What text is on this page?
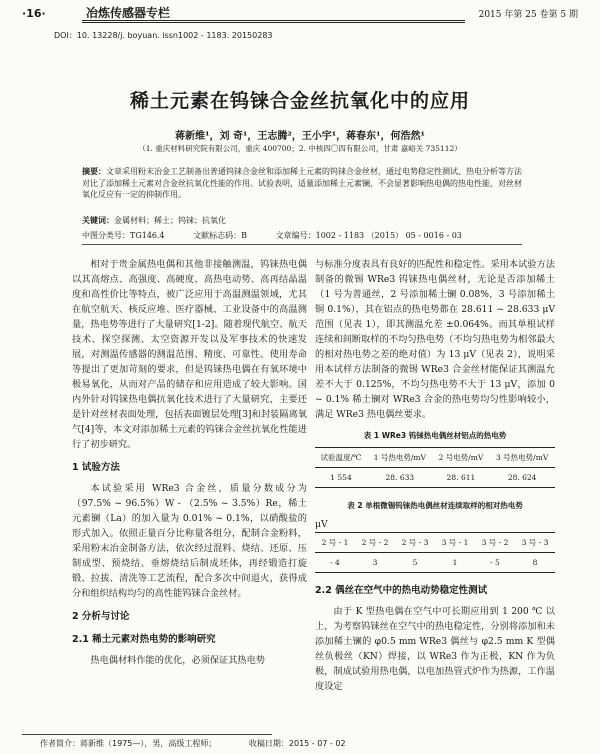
·16·	冶炼传感器专栏	2015 年第 25 卷第 5 期
DOI：10. 13228/j. boyuan. issn1002 - 1183. 20150283
稀土元素在钨铼合金丝抗氧化中的应用
蒋新维¹，刘 奇¹，王志腾²，王小宇¹，蒋春东¹，何浩然¹
（1. 重庆材料研究院有限公司，重庆 400700；2. 中核四〇四有限公司，甘肃 嘉峪关 735112）
摘要：文章采用粉末冶金工艺制备出普通钨铼合金丝和添加稀土元素的钨铼合金丝材，通过电势稳定性测试、热电分析等方法对比了添加稀土元素对合金丝抗氧化性能的作用。试验表明，适量添加稀土元素镧，不会显著影响热电偶的热电性能，对丝材氧化反应有一定的抑制作用。
关键词：金属材料；稀土；钨铼；抗氧化
中图分类号：TG146.4	文献标志码：B	文章编号：1002 - 1183 （2015） 05 - 0016 - 03

相对于贵金属热电偶和其他非接触测温，钨铼热电偶以其高熔点、高强度、高硬度、高热电动势、高再结晶温度和高性价比等特点，被广泛应用于高温测温领域，尤其在航空航天、核反应堆、医疗器械、工业设备中的高温测量，热电势等进行了大量研究[1-2]。随着现代航空、航天技术、探空探测、太空资源开发以及军事技术的快速发展，对测温传感器的测温范围、精度、可靠性、使用寿命等提出了更加苛刻的要求，但是钨铼热电偶在有氧环境中极易氧化，从而对产品的储存和应用造成了较大影响。国内外针对钨铼热电偶抗氧化技术进行了大量研究，主要还是针对丝材表面处理，包括表面镀层处理[3]和封装隔离氧气[4]等，本文对添加稀土元素的钨铼合金丝抗氧化性能进行了初步研究。

1 试验方法

本试验采用 WRe3 合金丝，质量分数成分为（97.5% ~ 96.5%）W - （2.5% ~ 3.5%）Re，稀土元素镧（La）的加入量为 0.01% ~ 0.1%，以硝酸盐的形式加入。依照正量百分比称量各组分，配制合金粉料，采用粉末冶金制备方法，依次经过混料、烧结、还原、压制成型、预烧结、垂熔烧结后制成坯体，再经锻造打旋锻、拉拔、清洗等工艺流程，配合多次中间退火，获得成分和组织结构均匀的高性能钨铼合金丝材。

2 分析与讨论
2.1 稀土元素对热电势的影响研究

热电偶材料作能的优化，必须保证其热电势

与标准分度表具有良好的匹配性和稳定性。采用本试验方法制备的微锡 WRe3 钨铼热电偶丝材，无论是否添加稀土（1 号为普通丝，2 号添加稀土镧 0.08%，3 号添加稀土铜 0.1%），其在铝点的热电势都在 28.611 ~ 28.633 μV 范围（见表 1），即其测温允差 ±0.064%。而其单根试样连续和间断取样的不均匀热电势（不均匀热电势为相邻最大的相对热电势之差的绝对值）为 13 μV（见表 2），说明采用本试样方法制备的微锡 WRe3 合金丝材能保证其测温允差不大于 0.125%，不均匀热电势不大于 13 μV，添加 0 ~ 0.1% 稀土镧对 WRe3 合金的热电势均匀性影响较小，满足 WRe3 热电偶丝要求。

表 1 WRe3 钨铼热电偶丝材铝点的热电势
试验温度/℃	1 号热电势/mV	2 号电势/mV	3 号热电势/mV
1 554	28. 633	28. 611	28. 624
表 2 单根微锡钨铼热电偶丝材连续取样的相对热电势
μV
2 号 - 1	2 号 - 2	2 号 - 3	3 号 - 1	3 号 - 2	3 号 - 3
- 4	3	5	1	- 5	8
2.2 偶丝在空气中的热电动势稳定性测试

由于 K 型热电偶在空气中可长期应用到 1 200 ℃ 以上，为考察钨铼丝在空气中的热电稳定性，分别将添加和未添加稀土镧的 φ0.5 mm WRe3 偶丝与 φ2.5 mm K 型偶丝负极丝（KN）焊接，以 WRe3 作为正极，KN 作为负极，制成试验用热电偶，以电加热管式炉作为热源，工作温度设定

作者简介：蒋新维（1975—），男，高级工程师；	收稿日期：2015 - 07 - 02
